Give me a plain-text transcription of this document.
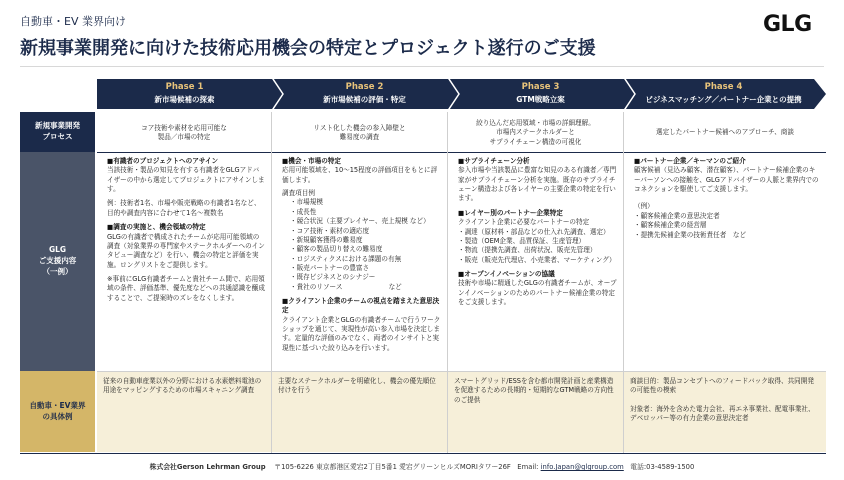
自動車・EV 業界向け
新規事業開発に向けた技術応用機会の特定とプロジェクト遂行のご支援
GLG
Phase 1
新市場候補の探索
Phase 2
新市場候補の評価・特定
Phase 3
GTM戦略立案
Phase 4
ビジネスマッチング／パートナー企業との提携
新規事業開発
プロセス
GLG
ご支援内容
（一例）
自動車・EV業界
の具体例
コア技術や素材を応用可能な
製品／市場の特定
リスト化した機会の参入障壁と
難易度の調査
絞り込んだ応用領域・市場の詳細理解。
市場内ステークホルダーと
サプライチェーン構造の可視化
選定したパートナー候補へのアプローチ、商談
■有識者のプロジェクトへのアサイン
当該技術・製品の知見を有する有識者をGLGアドバイザーの中から選定してプロジェクトにアサインします。
例：技術者1名、市場や販売戦略の有識者1名など、目的や調査内容に合わせて1名〜複数名
■調査の実施と、機会領域の特定
GLGの有識者で構成されたチームが応用可能領域の調査（対象業界の専門家やステークホルダーへのインタビュー調査など）を行い、機会の特定と評価を実施。ロングリストをご提供します。
※事前にGLG有識者チームと貴社チーム間で、応用領域の条件、評価基準、優先度などへの共通認識を醸成することで、ご提案時のズレをなくします。
■機会・市場の特定
応用可能領域を、10〜15程度の評価項目をもとに評価します。
調査項目例
・市場規模
・成長性
・競合状況（主要プレイヤー、売上規模 など）
・コア技術・素材の適応度
・新規顧客獲得の難易度
・顧客の製品切り替えの難易度
・ロジスティクスにおける課題の有無
・販売パートナーの豊富さ
・既存ビジネスとのシナジー
・貴社のリソース　　　　　　　など
■クライアント企業のチームの視点を踏まえた意思決定
クライアント企業とGLGの有識者チームで行うワークショップを通じて、実現性が高い参入市場を決定します。定量的な評価のみでなく、両者のインサイトと実現性に基づいた絞り込みを行います。
■サプライチェーン分析
参入市場や当該製品に豊富な知見のある有識者／専門家がサプライチェーン分析を実施。既存のサプライチェーン構造および各レイヤーの主要企業の特定を行います。
■レイヤー別のパートナー企業特定
クライアント企業に必要なパートナーの特定
・調達（原材料・部品などの仕入れ先調査、選定）
・製造（OEM企業、品質保証、生産管理）
・物流（提携先調査、出荷状況、販売先管理）
・販売（販売先代理店、小売業者、マーケティング）
■オープンイノベーションの協議
技術や市場に精通したGLGの有識者チームが、オープンイノベーションのためのパートナー候補企業の特定をご支援します。
■パートナー企業／キーマンのご紹介
顧客候補（見込み顧客、潜在顧客）、パートナー候補企業のキーパーソンへの接触を、GLGアドバイザーの人脈と業界内でのコネクションを駆使してご支援します。
（例）
・顧客候補企業の意思決定者
・顧客候補企業の経営層
・提携先候補企業の技術責任者　など
従来の自動車産業以外の分野における水素燃料電池の用途をマッピングするための市場スキャニング調査
主要なステークホルダーを明確化し、機会の優先順位付けを行う
スマートグリッド/ESSを含む都市開発計画と産業構造を促進するための長期的・短期的なGTM戦略の方向性のご提供
商談目的：製品コンセプトへのフィードバック取得、共同開発の可能性の模索

対象者：海外を含めた電力会社、再エネ事業社、配電事業社、デベロッパー等の有力企業の意思決定者
株式会社Gerson Lehrman Group 〒105-6226 東京都港区愛宕2丁目5番1 愛宕グリーンヒルズMORIタワー26F Email: info.Japan@glgroup.com 電話:03-4589-1500
